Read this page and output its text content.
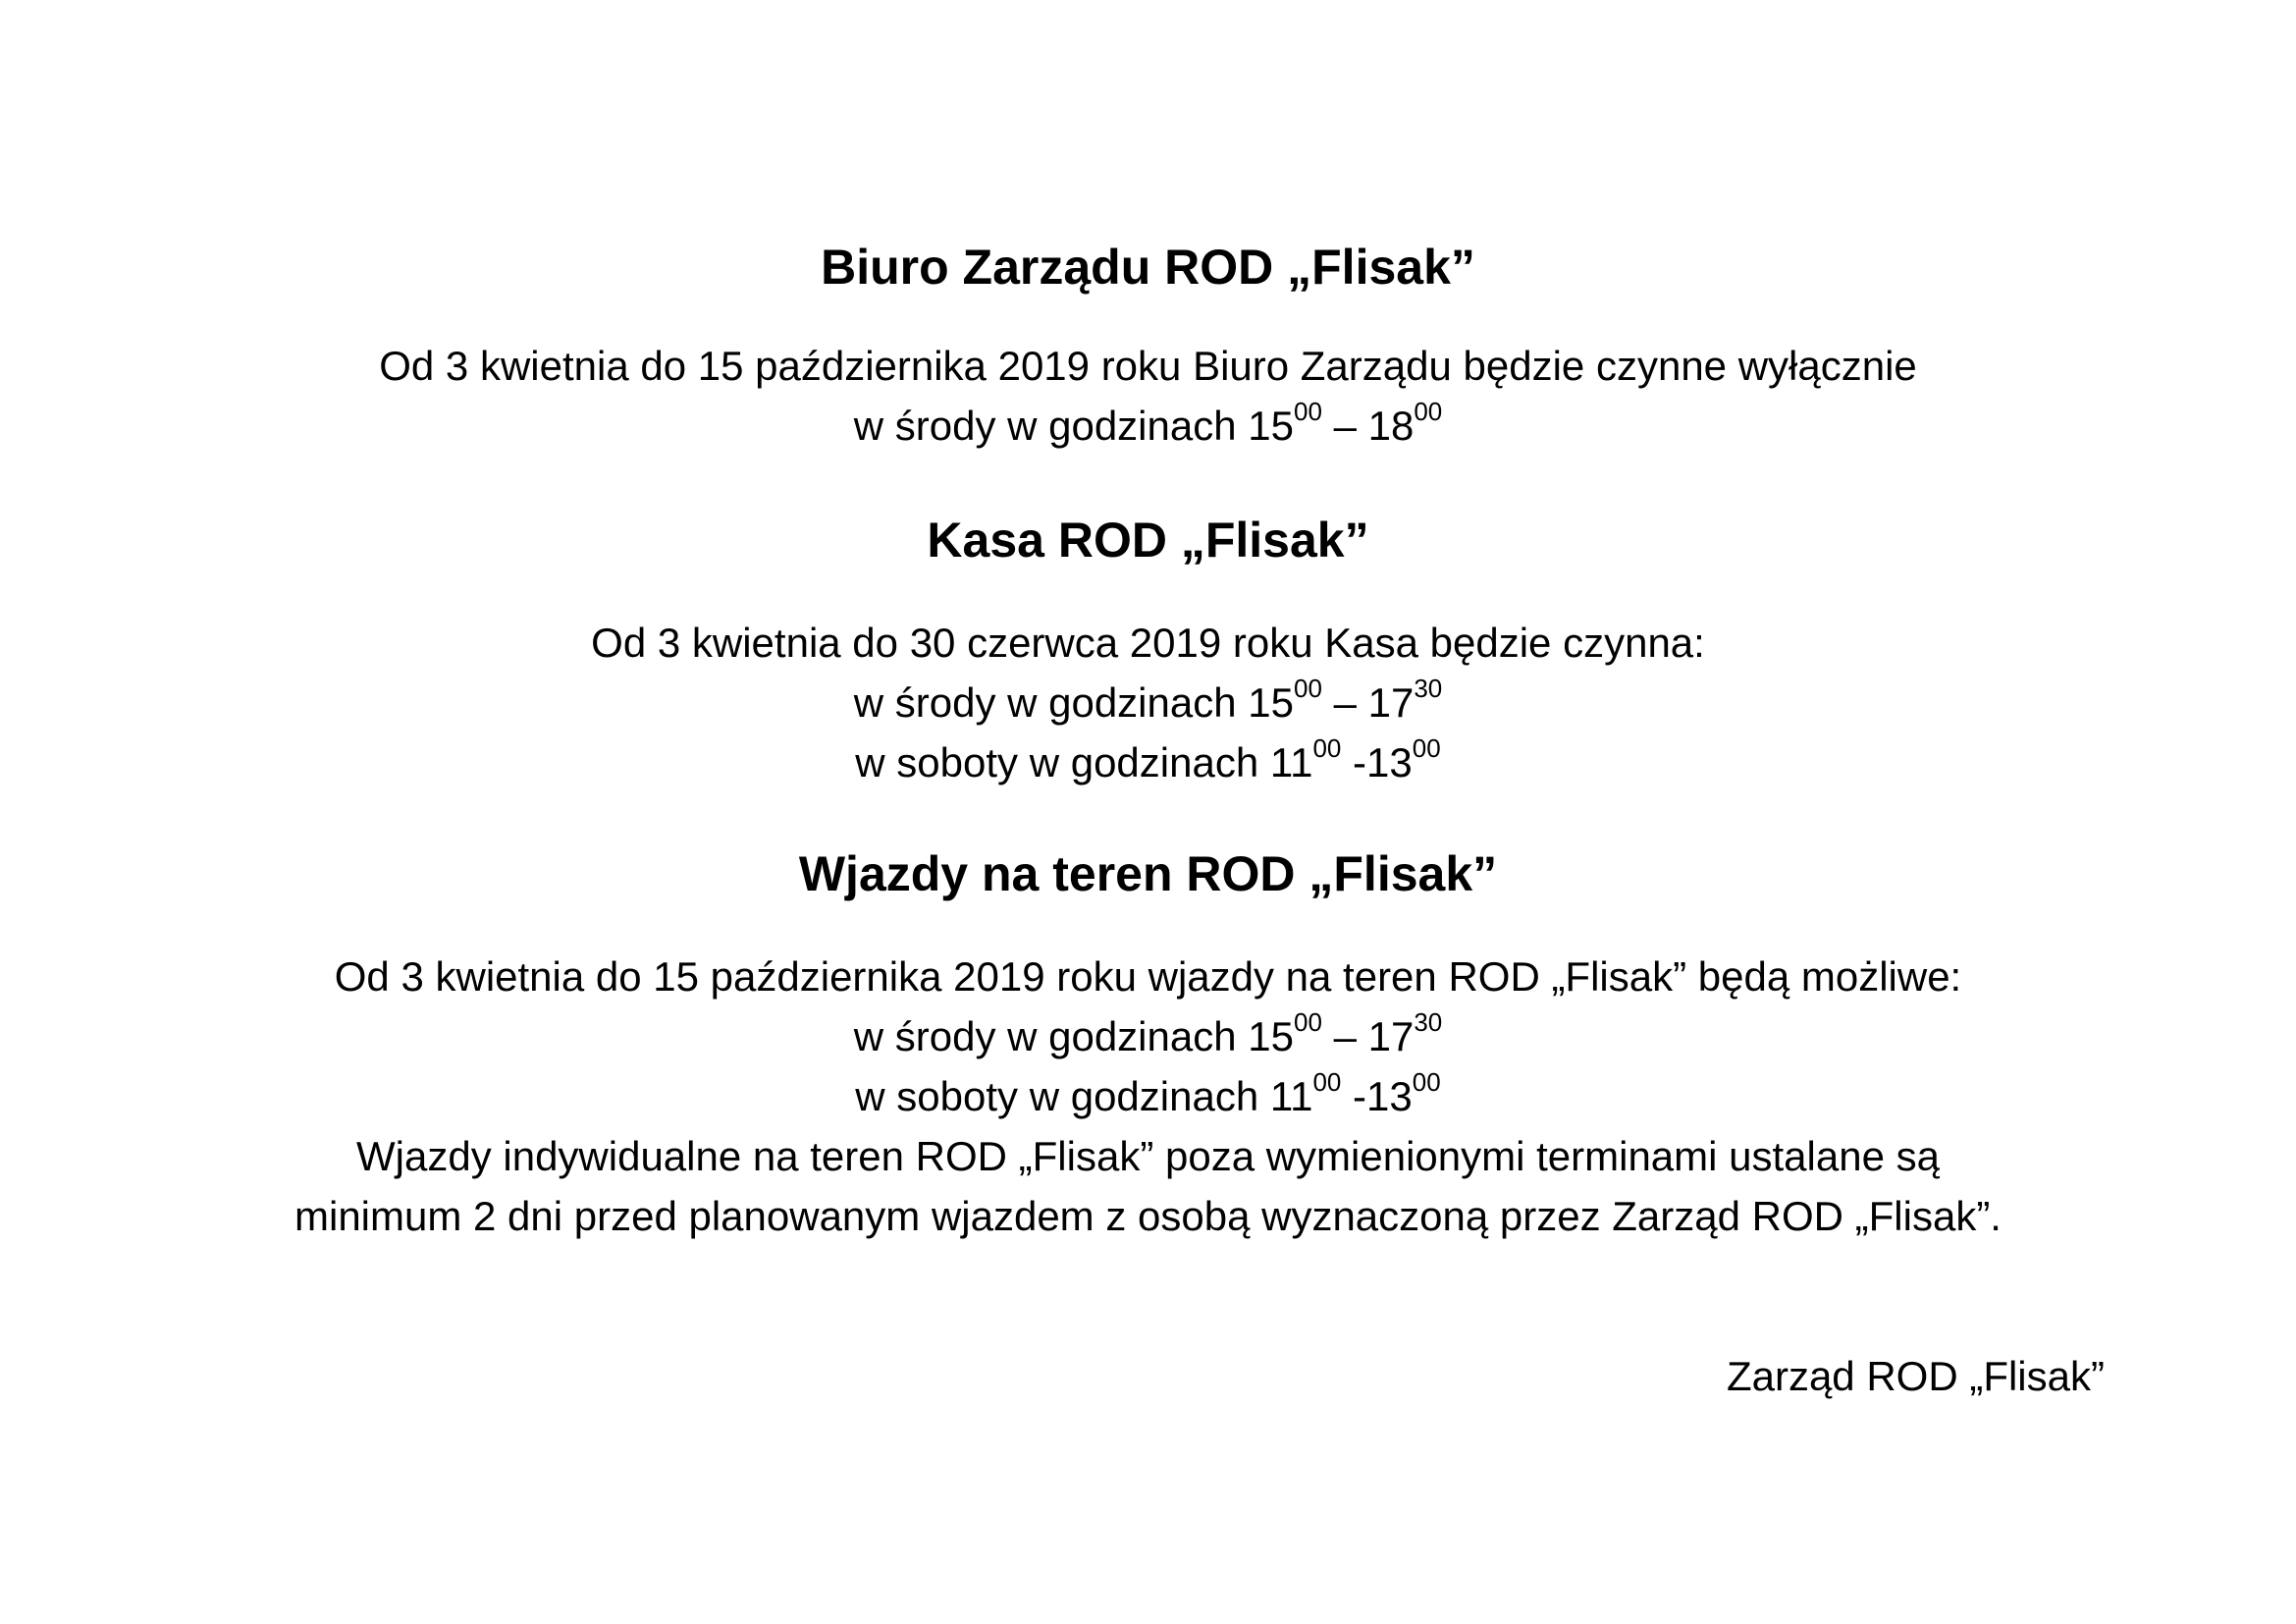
Biuro Zarządu ROD „Flisak”
Od 3 kwietnia do 15 października 2019 roku Biuro Zarządu będzie czynne wyłącznie
w środy w godzinach $15^{00} - 18^{00}$
Kasa ROD „Flisak”
Od 3 kwietnia do 30 czerwca 2019 roku Kasa będzie czynna:
w środy w godzinach $15^{00} - 17^{30}$
w soboty w godzinach $11^{00}$ $-13^{00}$
Wjazdy na teren ROD „Flisak”
Od 3 kwietnia do 15 października 2019 roku wjazdy na teren ROD „Flisak” będą możliwe:
w środy w godzinach $15^{00} - 17^{30}$
w soboty w godzinach $11^{00}$ $-13^{00}$
Wjazdy indywidualne na teren ROD „Flisak” poza wymienionymi terminami ustalane są
minimum 2 dni przed planowanym wjazdem z osobą wyznaczoną przez Zarząd ROD „Flisak”.
Zarząd ROD „Flisak”
